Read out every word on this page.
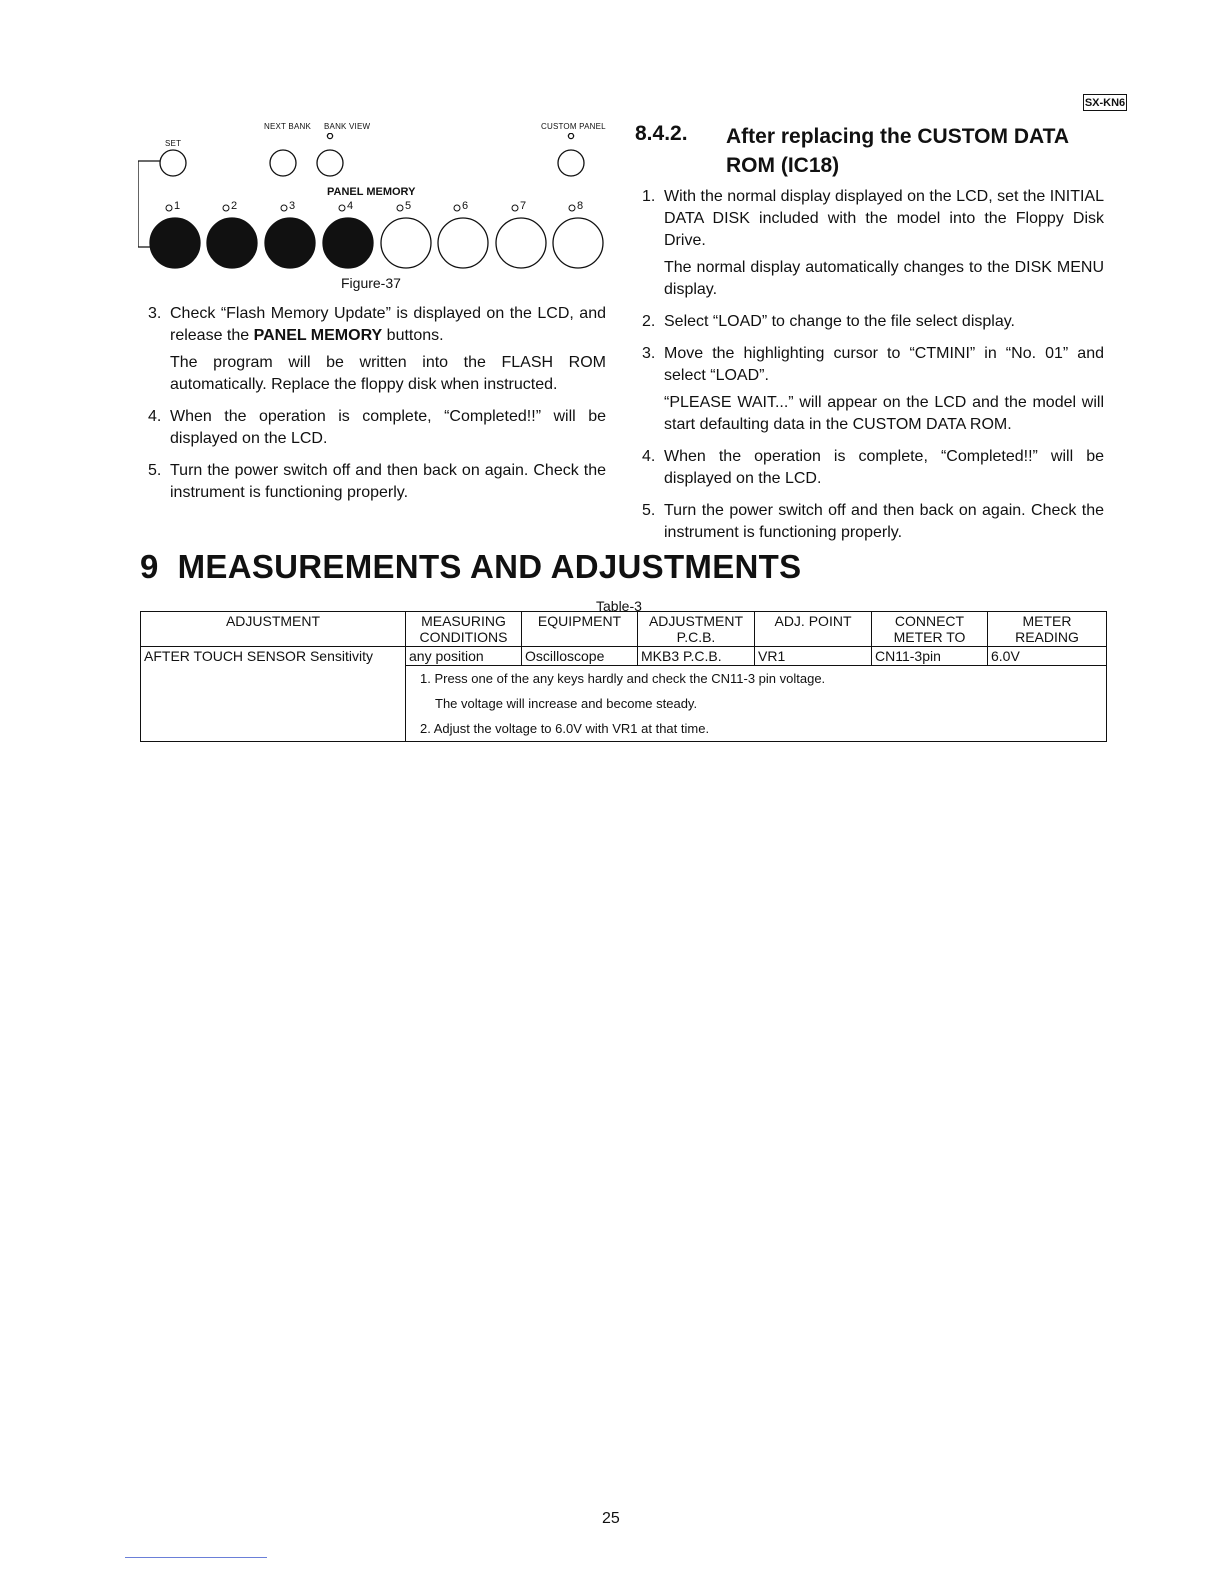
SX-KN6
SET
NEXT BANK BANK VIEW	CUSTOM PANEL
PANEL MEMORY
1	2	3	4	5	6	7	8
Figure-37
3. Check “Flash Memory Update” is displayed on the LCD, and release the PANEL MEMORY buttons.

The program will be written into the FLASH ROM automatically. Replace the floppy disk when instructed.

4. When the operation is complete, “Completed!!” will be displayed on the LCD.

5. Turn the power switch off and then back on again. Check the instrument is functioning properly.

8.4.2. After replacing the CUSTOM DATA ROM (IC18)
1. With the normal display displayed on the LCD, set the INITIAL DATA DISK included with the model into the Floppy Disk Drive.

The normal display automatically changes to the DISK MENU display.

2. Select “LOAD” to change to the file select display.

3. Move the highlighting cursor to “CTMINI” in “No. 01” and select “LOAD”.

“PLEASE WAIT...” will appear on the LCD and the model will start defaulting data in the CUSTOM DATA ROM.

4. When the operation is complete, “Completed!!” will be displayed on the LCD.

5. Turn the power switch off and then back on again. Check the instrument is functioning properly.

9 MEASUREMENTS AND ADJUSTMENTS
Table-3
ADJUSTMENT	MEASURING CONDITIONS	EQUIPMENT	ADJUSTMENT P.C.B.	ADJ. POINT	CONNECT METER TO	METER READING
AFTER TOUCH SENSOR Sensitivity	any position	Oscilloscope	MKB3 P.C.B.	VR1	CN11-3pin	6.0V

	1. Press one of the any keys hardly and check the CN11-3 pin voltage.
The voltage will increase and become steady.
2. Adjust the voltage to 6.0V with VR1 at that time.					
25
